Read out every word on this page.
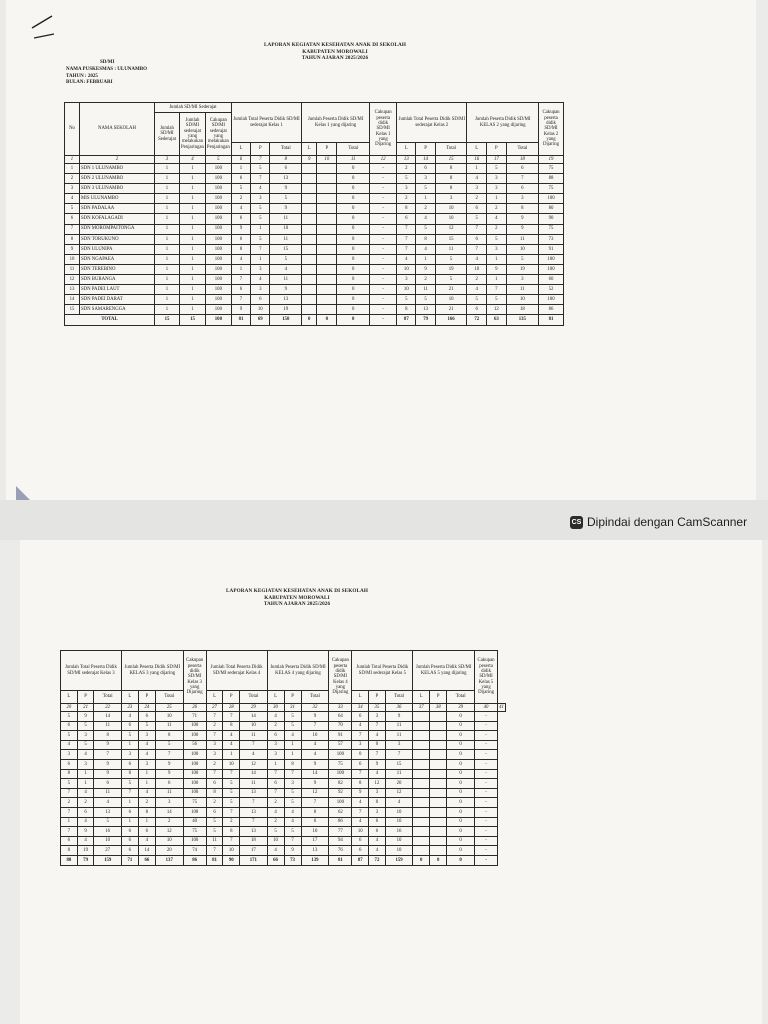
LAPORAN KEGIATAN KESEHATAN ANAK DI SEKOLAH
KABUPATEN MOROWALI
TAHUN AJARAN 2025/2026
SD/MI
NAMA PUSKESMAS : ULUNAMBO
TAHUN : 2025
BULAN: FEBRUARI
No	NAMA SEKOLAH	Jumlah SD/MI Sederajat			Jumlah Total Peserta Didik SD/MI sederajat Kelas 1			Jumlah Peserta Didik SD/MI Kelas 1 yang dijaring			Cakupan peserta didik SD/MI Kelas 1 yang Dijaring	Jumlah Total Peserta Didik SD/MI sederajat Kelas 2			Jumlah Peserta Didik SD/MI KELAS 2 yang dijaring			Cakupan peserta didik SD/MI Kelas 2 yang Dijaring
		Jumlah SD/MI Sederajat	Jumlah SD/MI sederajat yang melakukan Penjaringan	Cakupan SD/MI sederajat yang melakukan Penjaringan														
					L	P	Total	L	P	Total		L	P	Total	L	P	Total	
1	2	3	4	5	6	7	8	9	10	11	12	13	14	15	16	17	18	19
1	SDN 1 ULUNAMBO	1	1	100	1	5	6			0	-	2	6	8	1	5	6	75
2	SDN 2 ULUNAMBO	1	1	100	6	7	13			0	-	5	3	8	4	3	7	88
3	SDN 3 ULUNAMBO	1	1	100	5	4	9			0	-	3	5	8	3	3	6	75
4	MIS ULUNAMBO	1	1	100	2	3	5			0	-	2	1	3	2	1	3	100
5	SDN PADALAA	1	1	100	4	5	9			0	-	8	2	10	6	2	8	80
6	SDN KOFALAGADI	1	1	100	6	5	11			0	-	6	4	10	5	4	9	90
7	SDN MOROMPAITONGA	1	1	100	9	1	10			0	-	7	5	12	7	2	9	75
8	SDN TORUKUNO	1	1	100	6	5	11			0	-	7	8	15	6	5	11	73
9	SDN ULUNIPA	1	1	100	8	7	15			0	-	7	4	11	7	3	10	91
10	SDN NGAPAEA	1	1	100	4	1	5			0	-	4	1	5	4	1	5	100
11	SDN TEREBINO	1	1	100	1	3	4			0	-	10	9	19	10	9	19	100
12	SDN BURANGA	1	1	100	7	4	11			0	-	3	2	5	2	1	3	60
13	SDN PADEI LAUT	1	1	100	6	3	9			0	-	10	11	21	4	7	11	52
14	SDN PADEI DARAT	1	1	100	7	6	13			0	-	5	5	10	5	5	10	100
15	SDN SAMARENGGA	1	1	100	9	10	19			0	-	8	13	21	6	12	18	86
TOTAL		15	15	100	81	69	150	0	0	0	-	87	79	166	72	63	135	81
LAPORAN KEGIATAN KESEHATAN ANAK DI SEKOLAH
KABUPATEN MOROWALI
TAHUN AJARAN 2025/2026
Jumlah Total Peserta Didik SD/MI sederajat Kelas 3			Jumlah Peserta Didik SD/MI KELAS 3 yang dijaring			Cakupan peserta didik SD/MI Kelas 3 yang Dijaring	Jumlah Total Peserta Didik SD/MI sederajat Kelas 4			Jumlah Peserta Didik SD/MI KELAS 4 yang dijaring			Cakupan peserta didik SD/MI Kelas 4 yang Dijaring	Jumlah Total Peserta Didik SD/MI sederajat Kelas 5			Jumlah Peserta Didik SD/MI KELAS 5 yang dijaring			Cakupan peserta didik SD/MI Kelas 5 yang Dijaring	
L	P	Total	L	P	Total		L	P	Total	L	P	Total		L	P	Total	L	P	Total		
20	21	22	23	24	25	26	27	28	29	30	31	32	33	34	35	36	37	38	39	40	41
5	9	14	4	6	10	71	7	7	14	4	5	9	64	6	3	9			0	-	
6	5	11	6	5	11	100	2	8	10	2	5	7	70	4	7	11			0	-	
5	3	8	5	3	8	100	7	4	11	6	4	10	91	7	4	11			0	-	
4	5	9	1	4	5	56	3	4	7	3	1	4	57	3	0	3			0	-	
3	4	7	3	4	7	100	3	1	4	3	1	4	100	0	7	7			0	-	
6	3	9	6	3	9	100	2	10	12	1	8	9	75	6	9	15			0	-	
8	1	9	8	1	9	100	7	7	14	7	7	14	100	7	4	11			0	-	
5	1	6	5	1	6	100	6	5	11	6	3	9	82	8	12	20			0	-	
7	4	11	7	4	11	100	8	5	13	7	5	12	92	9	3	12			0	-	
2	2	4	1	2	3	75	2	5	7	2	5	7	100	4	0	4			0	-	
7	6	13	6	8	14	108	6	7	13	4	4	8	62	7	3	10			0	-	
1	4	5	1	1	2	40	5	2	7	2	4	6	86	4	6	10			0	-	
7	9	16	6	6	12	75	5	8	13	5	5	10	77	10	6	16			0	-	
6	4	10	6	4	10	100	11	7	18	10	7	17	94	6	4	10			0	-	
8	19	27	6	14	20	74	7	10	17	4	9	13	76	6	4	10			0	-	
80	79	159	71	66	137	86	81	90	171	66	73	139	81	87	72	159	0	0	0	-	
CS Dipindai dengan CamScanner
